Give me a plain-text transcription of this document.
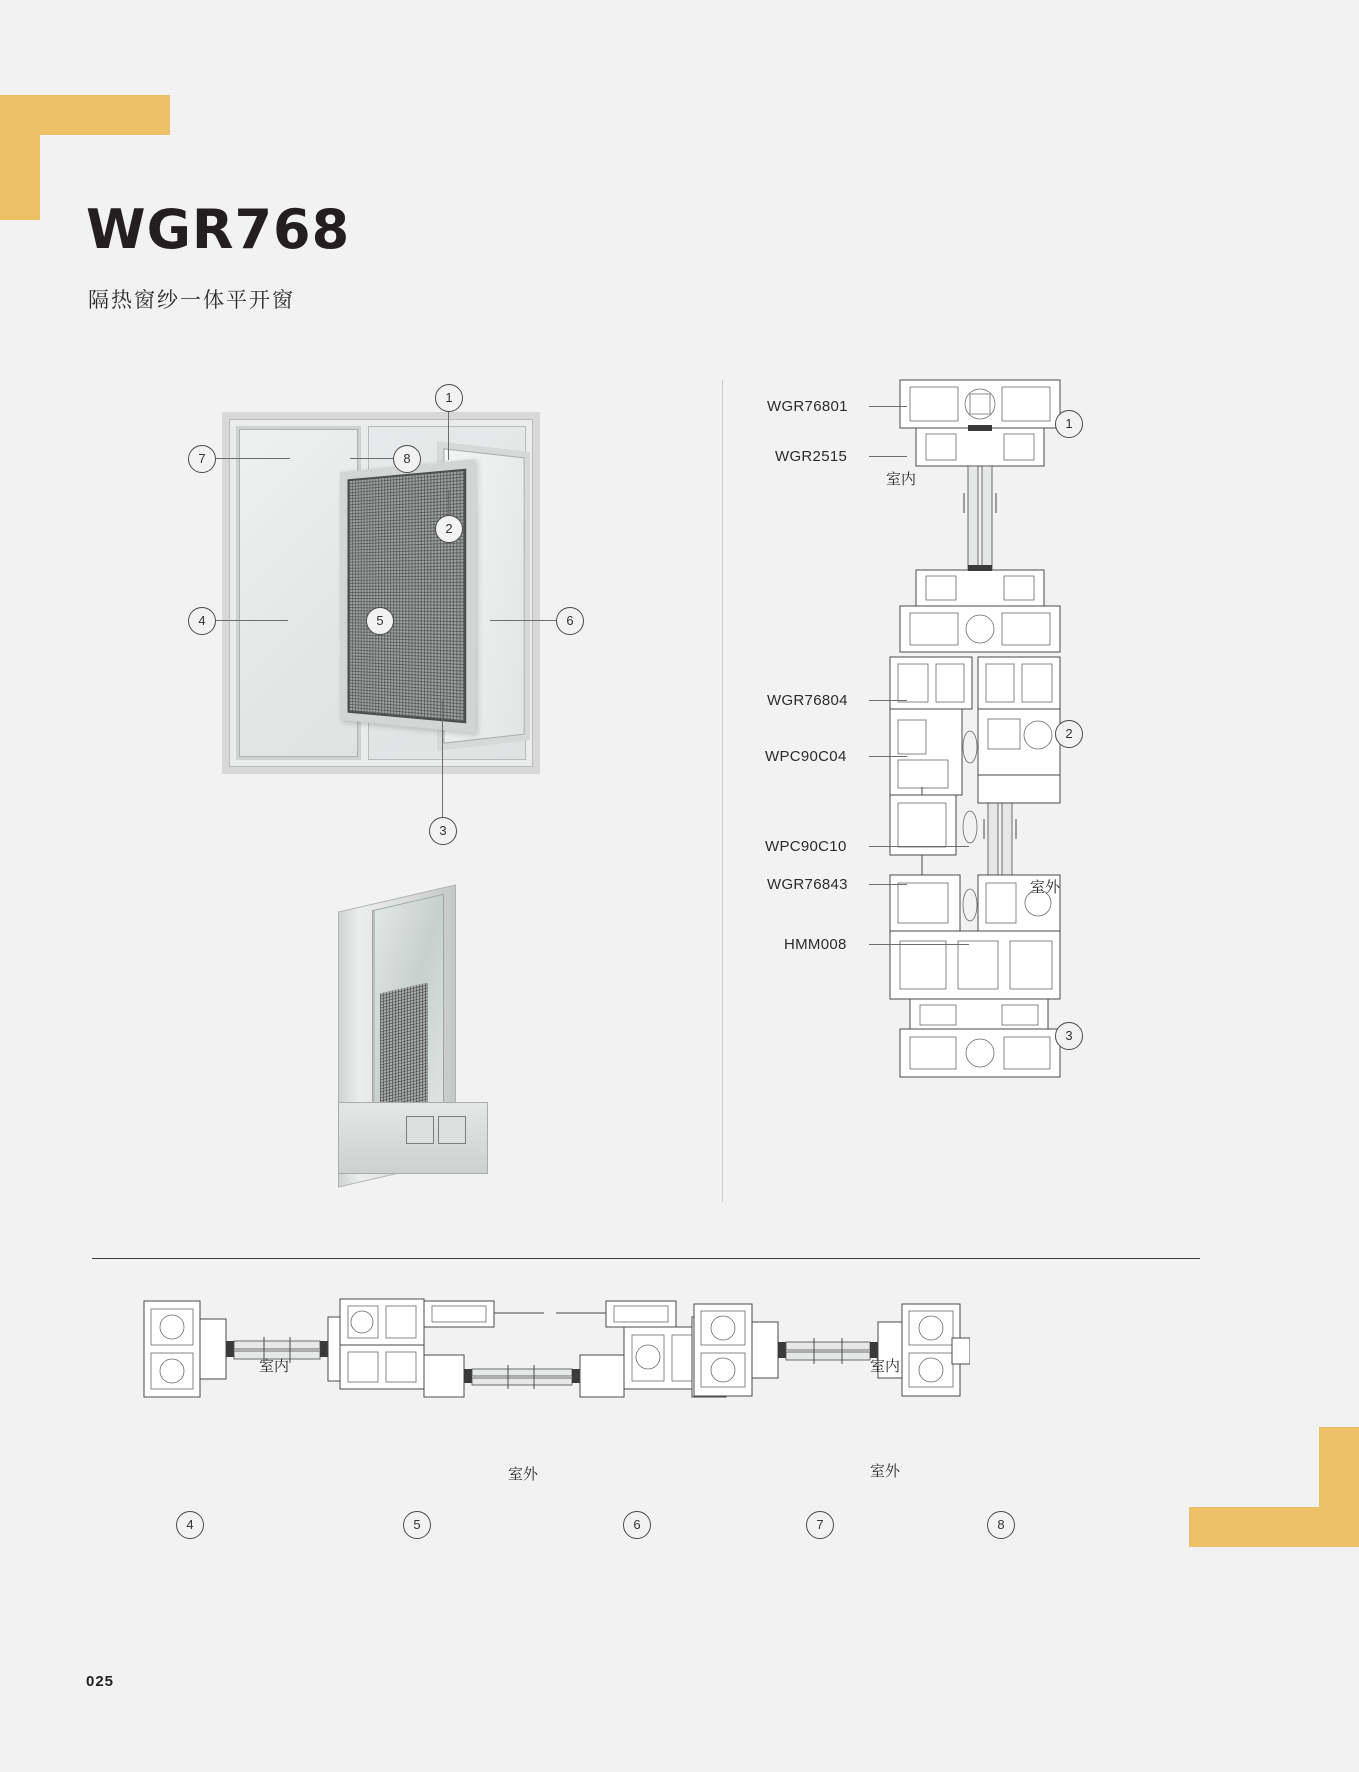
WGR768
隔热窗纱一体平开窗
1
2
3
4	5	6
7	8
WGR76801
WGR2515
WGR76804
WPC90C04
WPC90C10
WGR76843
HMM008
室内
室外
1
2
3
室内
室外
室内
室外
4	5	6	7	8
025
